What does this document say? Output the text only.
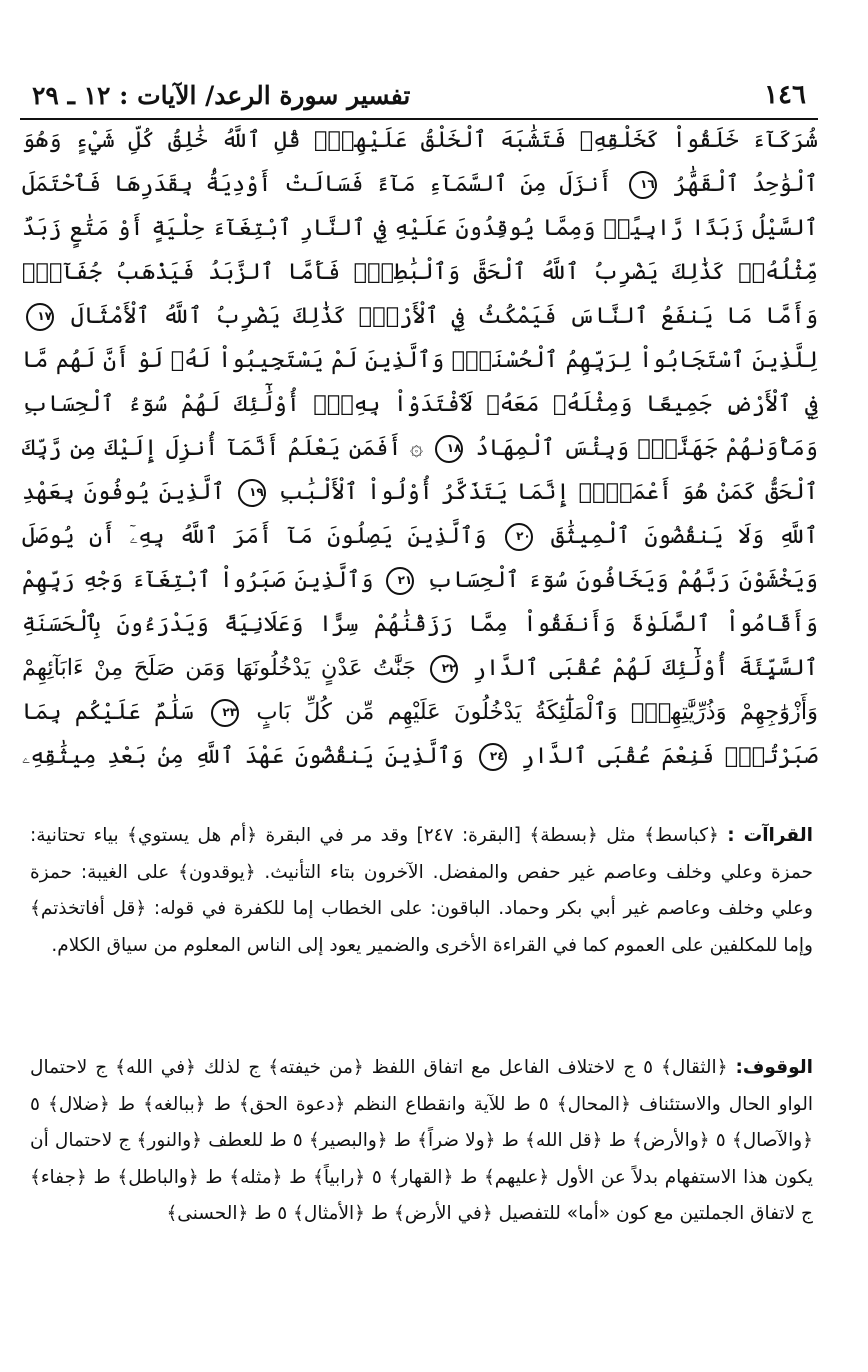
١٤٦
تفسير سورة الرعد/ الآيات : ١٢ ـ ٢٩
شُرَكَآءَ خَلَقُواْ كَخَلْقِهِۦ فَتَشَٰبَهَ ٱلْخَلْقُ عَلَيْهِمْۚ قُلِ ٱللَّهُ خَٰلِقُ كُلِّ شَيْءٍ وَهُوَ ٱلْوَٰحِدُ ٱلْقَهَّٰرُ ١٦ أَنزَلَ مِنَ ٱلسَّمَآءِ مَآءً فَسَالَتْ أَوْدِيَةُۢ بِقَدَرِهَا فَٱحْتَمَلَ ٱلسَّيْلُ زَبَدًا رَّابِيًاۖ وَمِمَّا يُوقِدُونَ عَلَيْهِ فِي ٱلنَّارِ ٱبْتِغَآءَ حِلْيَةٍ أَوْ مَتَٰعٍ زَبَدٌ مِّثْلُهُۥۚ كَذَٰلِكَ يَضْرِبُ ٱللَّهُ ٱلْحَقَّ وَٱلْبَٰطِلَۚ فَأَمَّا ٱلزَّبَدُ فَيَذْهَبُ جُفَآءًۖ وَأَمَّا مَا يَنفَعُ ٱلنَّاسَ فَيَمْكُثُ فِي ٱلْأَرْضِۚ كَذَٰلِكَ يَضْرِبُ ٱللَّهُ ٱلْأَمْثَالَ ١٧ لِلَّذِينَ ٱسْتَجَابُواْ لِرَبِّهِمُ ٱلْحُسْنَىٰۚ وَٱلَّذِينَ لَمْ يَسْتَجِيبُواْ لَهُۥ لَوْ أَنَّ لَهُم مَّا فِي ٱلْأَرْضِ جَمِيعًا وَمِثْلَهُۥ مَعَهُۥ لَٱفْتَدَوْاْ بِهِۦٓۚ أُوْلَٰٓئِكَ لَهُمْ سُوٓءُ ٱلْحِسَابِ وَمَأْوَىٰهُمْ جَهَنَّمُۖ وَبِئْسَ ٱلْمِهَادُ ١٨ ۞ أَفَمَن يَعْلَمُ أَنَّمَآ أُنزِلَ إِلَيْكَ مِن رَّبِّكَ ٱلْحَقُّ كَمَنْ هُوَ أَعْمَىٰٓۚ إِنَّمَا يَتَذَكَّرُ أُوْلُواْ ٱلْأَلْبَٰبِ ١٩ ٱلَّذِينَ يُوفُونَ بِعَهْدِ ٱللَّهِ وَلَا يَنقُضُونَ ٱلْمِيثَٰقَ ٢٠ وَٱلَّذِينَ يَصِلُونَ مَآ أَمَرَ ٱللَّهُ بِهِۦٓ أَن يُوصَلَ وَيَخْشَوْنَ رَبَّهُمْ وَيَخَافُونَ سُوٓءَ ٱلْحِسَابِ ٢١ وَٱلَّذِينَ صَبَرُواْ ٱبْتِغَآءَ وَجْهِ رَبِّهِمْ وَأَقَامُواْ ٱلصَّلَوٰةَ وَأَنفَقُواْ مِمَّا رَزَقْنَٰهُمْ سِرًّا وَعَلَانِيَةً وَيَدْرَءُونَ بِٱلْحَسَنَةِ ٱلسَّيِّئَةَ أُوْلَٰٓئِكَ لَهُمْ عُقْبَى ٱلدَّارِ ٢٢ جَنَّٰتُ عَدْنٍ يَدْخُلُونَهَا وَمَن صَلَحَ مِنْ ءَابَآئِهِمْ وَأَزْوَٰجِهِمْ وَذُرِّيَّٰتِهِمْۖ وَٱلْمَلَٰٓئِكَةُ يَدْخُلُونَ عَلَيْهِم مِّن كُلِّ بَابٍ ٢٣ سَلَٰمٌ عَلَيْكُم بِمَا صَبَرْتُمْۚ فَنِعْمَ عُقْبَى ٱلدَّارِ ٢٤ وَٱلَّذِينَ يَنقُضُونَ عَهْدَ ٱللَّهِ مِنۢ بَعْدِ مِيثَٰقِهِۦ
القراآت : ﴿كباسط﴾ مثل ﴿بسطة﴾ [البقرة: ٢٤٧] وقد مر في البقرة ﴿أم هل يستوي﴾ بياء تحتانية: حمزة وعلي وخلف وعاصم غير حفص والمفضل. الآخرون بتاء التأنيث. ﴿يوقدون﴾ على الغيبة: حمزة وعلي وخلف وعاصم غير أبي بكر وحماد. الباقون: على الخطاب إما للكفرة في قوله: ﴿قل أفاتخذتم﴾ وإما للمكلفين على العموم كما في القراءة الأخرى والضمير يعود إلى الناس المعلوم من سياق الكلام.
الوقوف: ﴿الثقال﴾ ٥ ج لاختلاف الفاعل مع اتفاق اللفظ ﴿من خيفته﴾ ج لذلك ﴿في الله﴾ ج لاحتمال الواو الحال والاستئناف ﴿المحال﴾ ٥ ط للآية وانقطاع النظم ﴿دعوة الحق﴾ ط ﴿ببالغه﴾ ط ﴿ضلال﴾ ٥ ﴿والآصال﴾ ٥ ﴿والأرض﴾ ط ﴿قل الله﴾ ط ﴿ولا ضراً﴾ ط ﴿والبصير﴾ ٥ ط للعطف ﴿والنور﴾ ج لاحتمال أن يكون هذا الاستفهام بدلاً عن الأول ﴿عليهم﴾ ط ﴿القهار﴾ ٥ ﴿رابياً﴾ ط ﴿مثله﴾ ط ﴿والباطل﴾ ط ﴿جفاء﴾ ج لاتفاق الجملتين مع كون «أما» للتفصيل ﴿في الأرض﴾ ط ﴿الأمثال﴾ ٥ ط ﴿الحسنى﴾
